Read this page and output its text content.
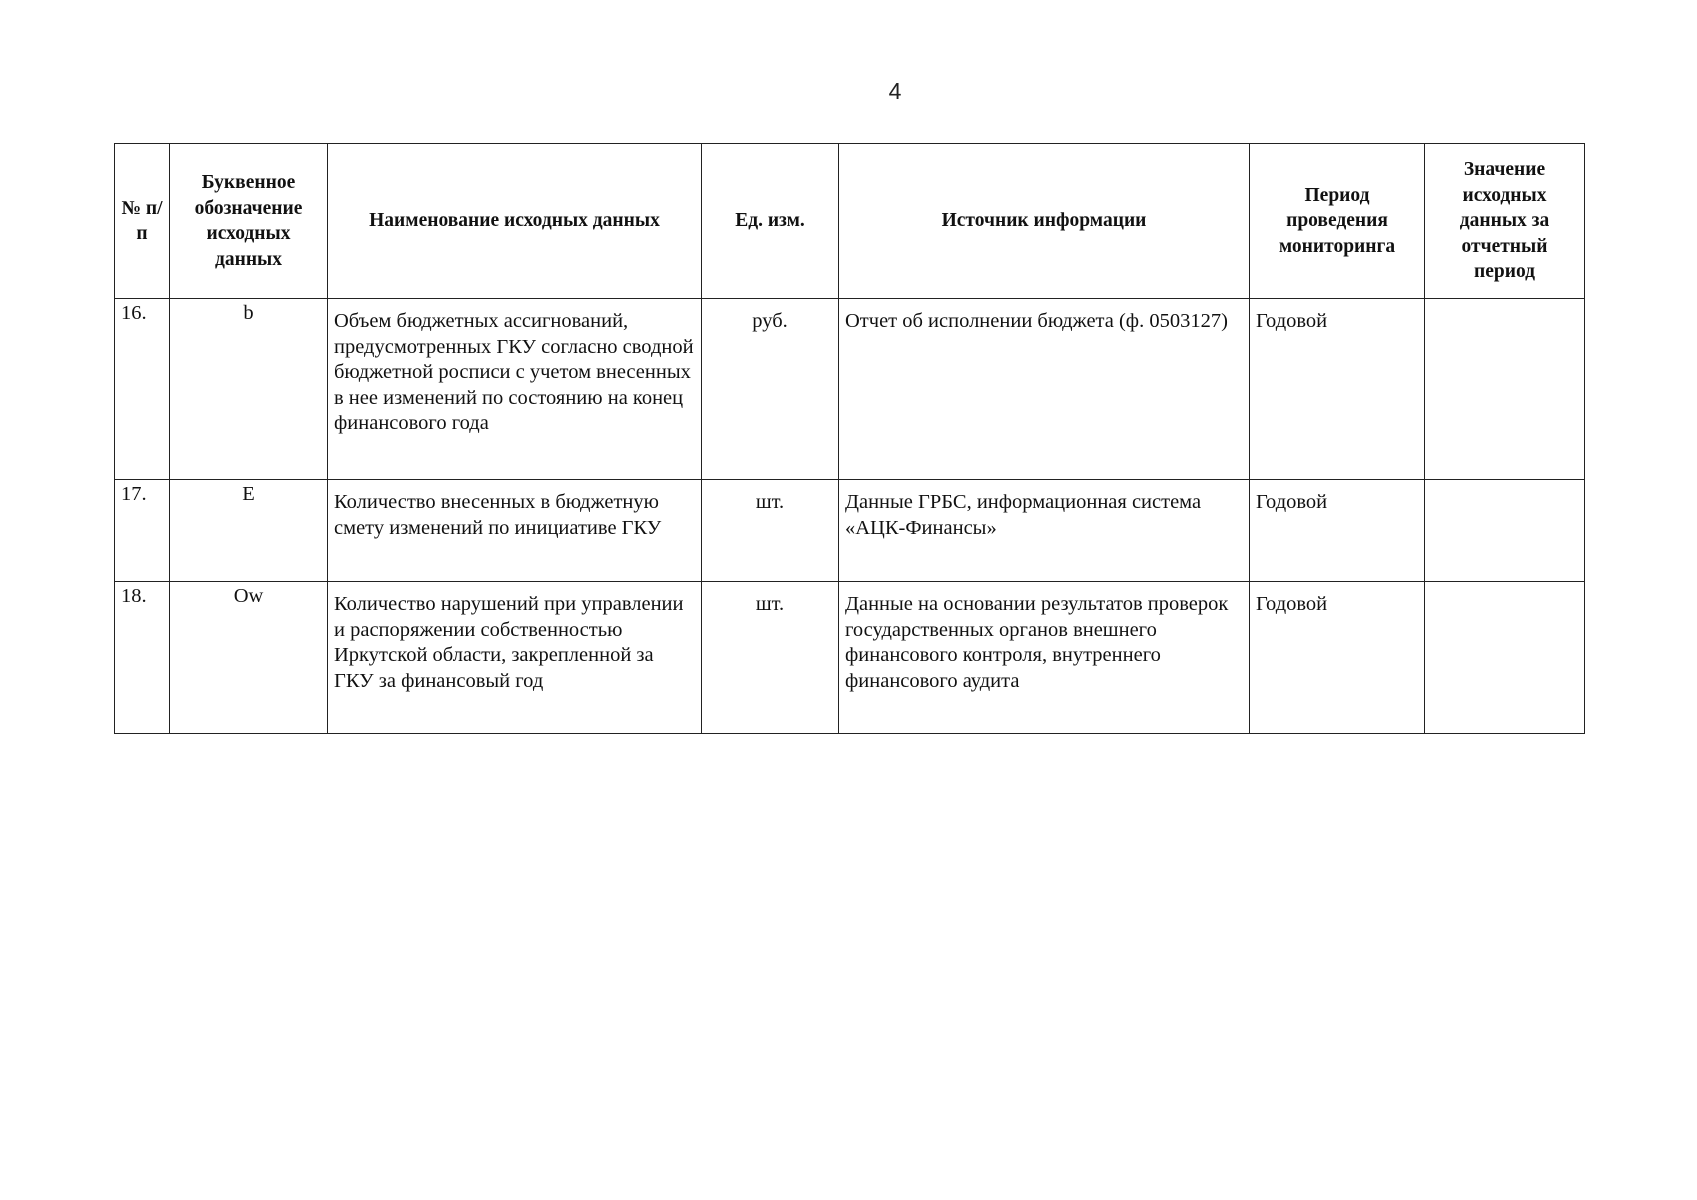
4
№ п/п	Буквенное обозначение исходных данных	Наименование исходных данных	Ед. изм.	Источник информации	Период проведения мониторинга	Значение исходных данных за отчетный период
16.	b	Объем бюджетных ассигнований, предусмотренных ГКУ согласно сводной бюджетной росписи с учетом внесенных в нее изменений по состоянию на конец финансового года	руб.	Отчет об исполнении бюджета (ф. 0503127)	Годовой	
17.	E	Количество внесенных в бюджетную смету изменений по инициативе ГКУ	шт.	Данные ГРБС, информационная система «АЦК-Финансы»	Годовой	
18.	Ow	Количество нарушений при управлении и распоряжении собственностью Иркутской области, закрепленной за ГКУ за финансовый год	шт.	Данные на основании результатов проверок государственных органов внешнего финансового контроля, внутреннего финансового аудита	Годовой	
